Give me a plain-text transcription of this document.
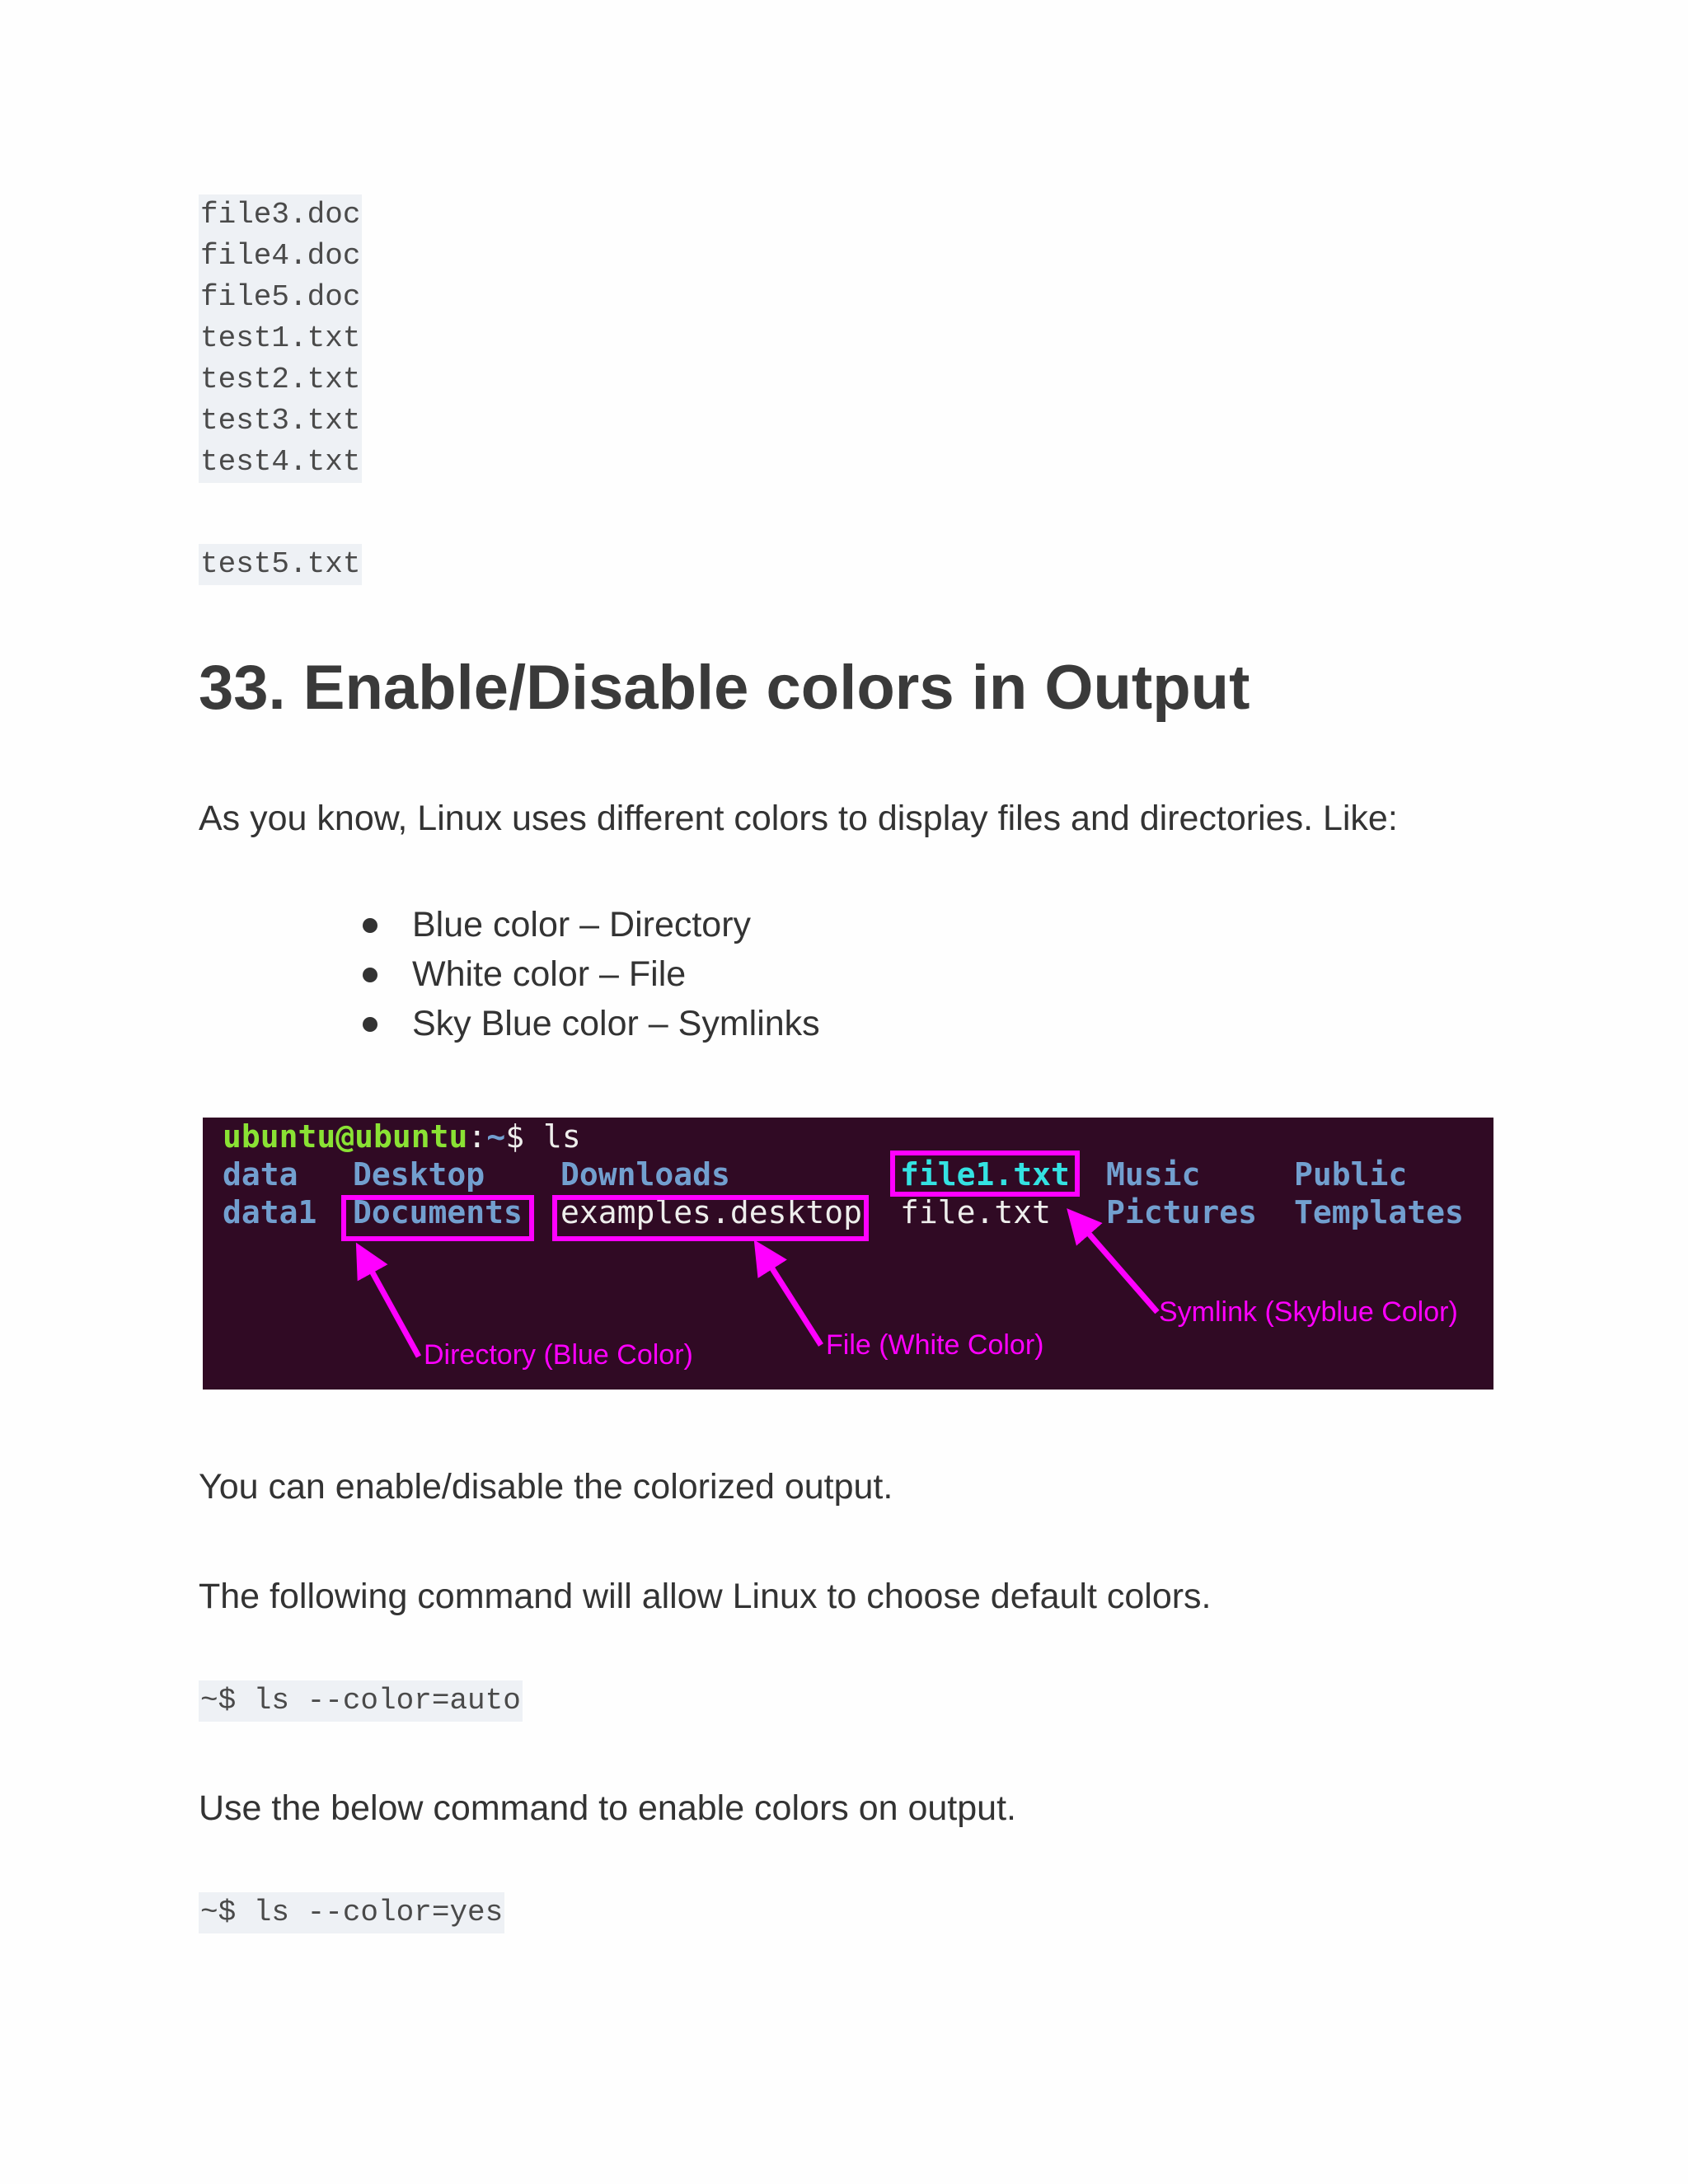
file3.doc
file4.doc
file5.doc
test1.txt
test2.txt
test3.txt
test4.txt
test5.txt
33. Enable/Disable colors in Output

As you know, Linux uses different colors to display files and directories. Like:

Blue color – Directory
White color – File
Sky Blue color – Symlinks
ubuntu@ubuntu:~$ ls
data Desktop Downloads	file1.txt Music	Public
data1 Documents examples.desktop file.txt Pictures Templates
Directory (Blue Color)	File (White Color)
Symlink (Skyblue Color)

You can enable/disable the colorized output.

The following command will allow Linux to choose default colors.

~$ ls --color=auto

Use the below command to enable colors on output.

~$ ls --color=yes
